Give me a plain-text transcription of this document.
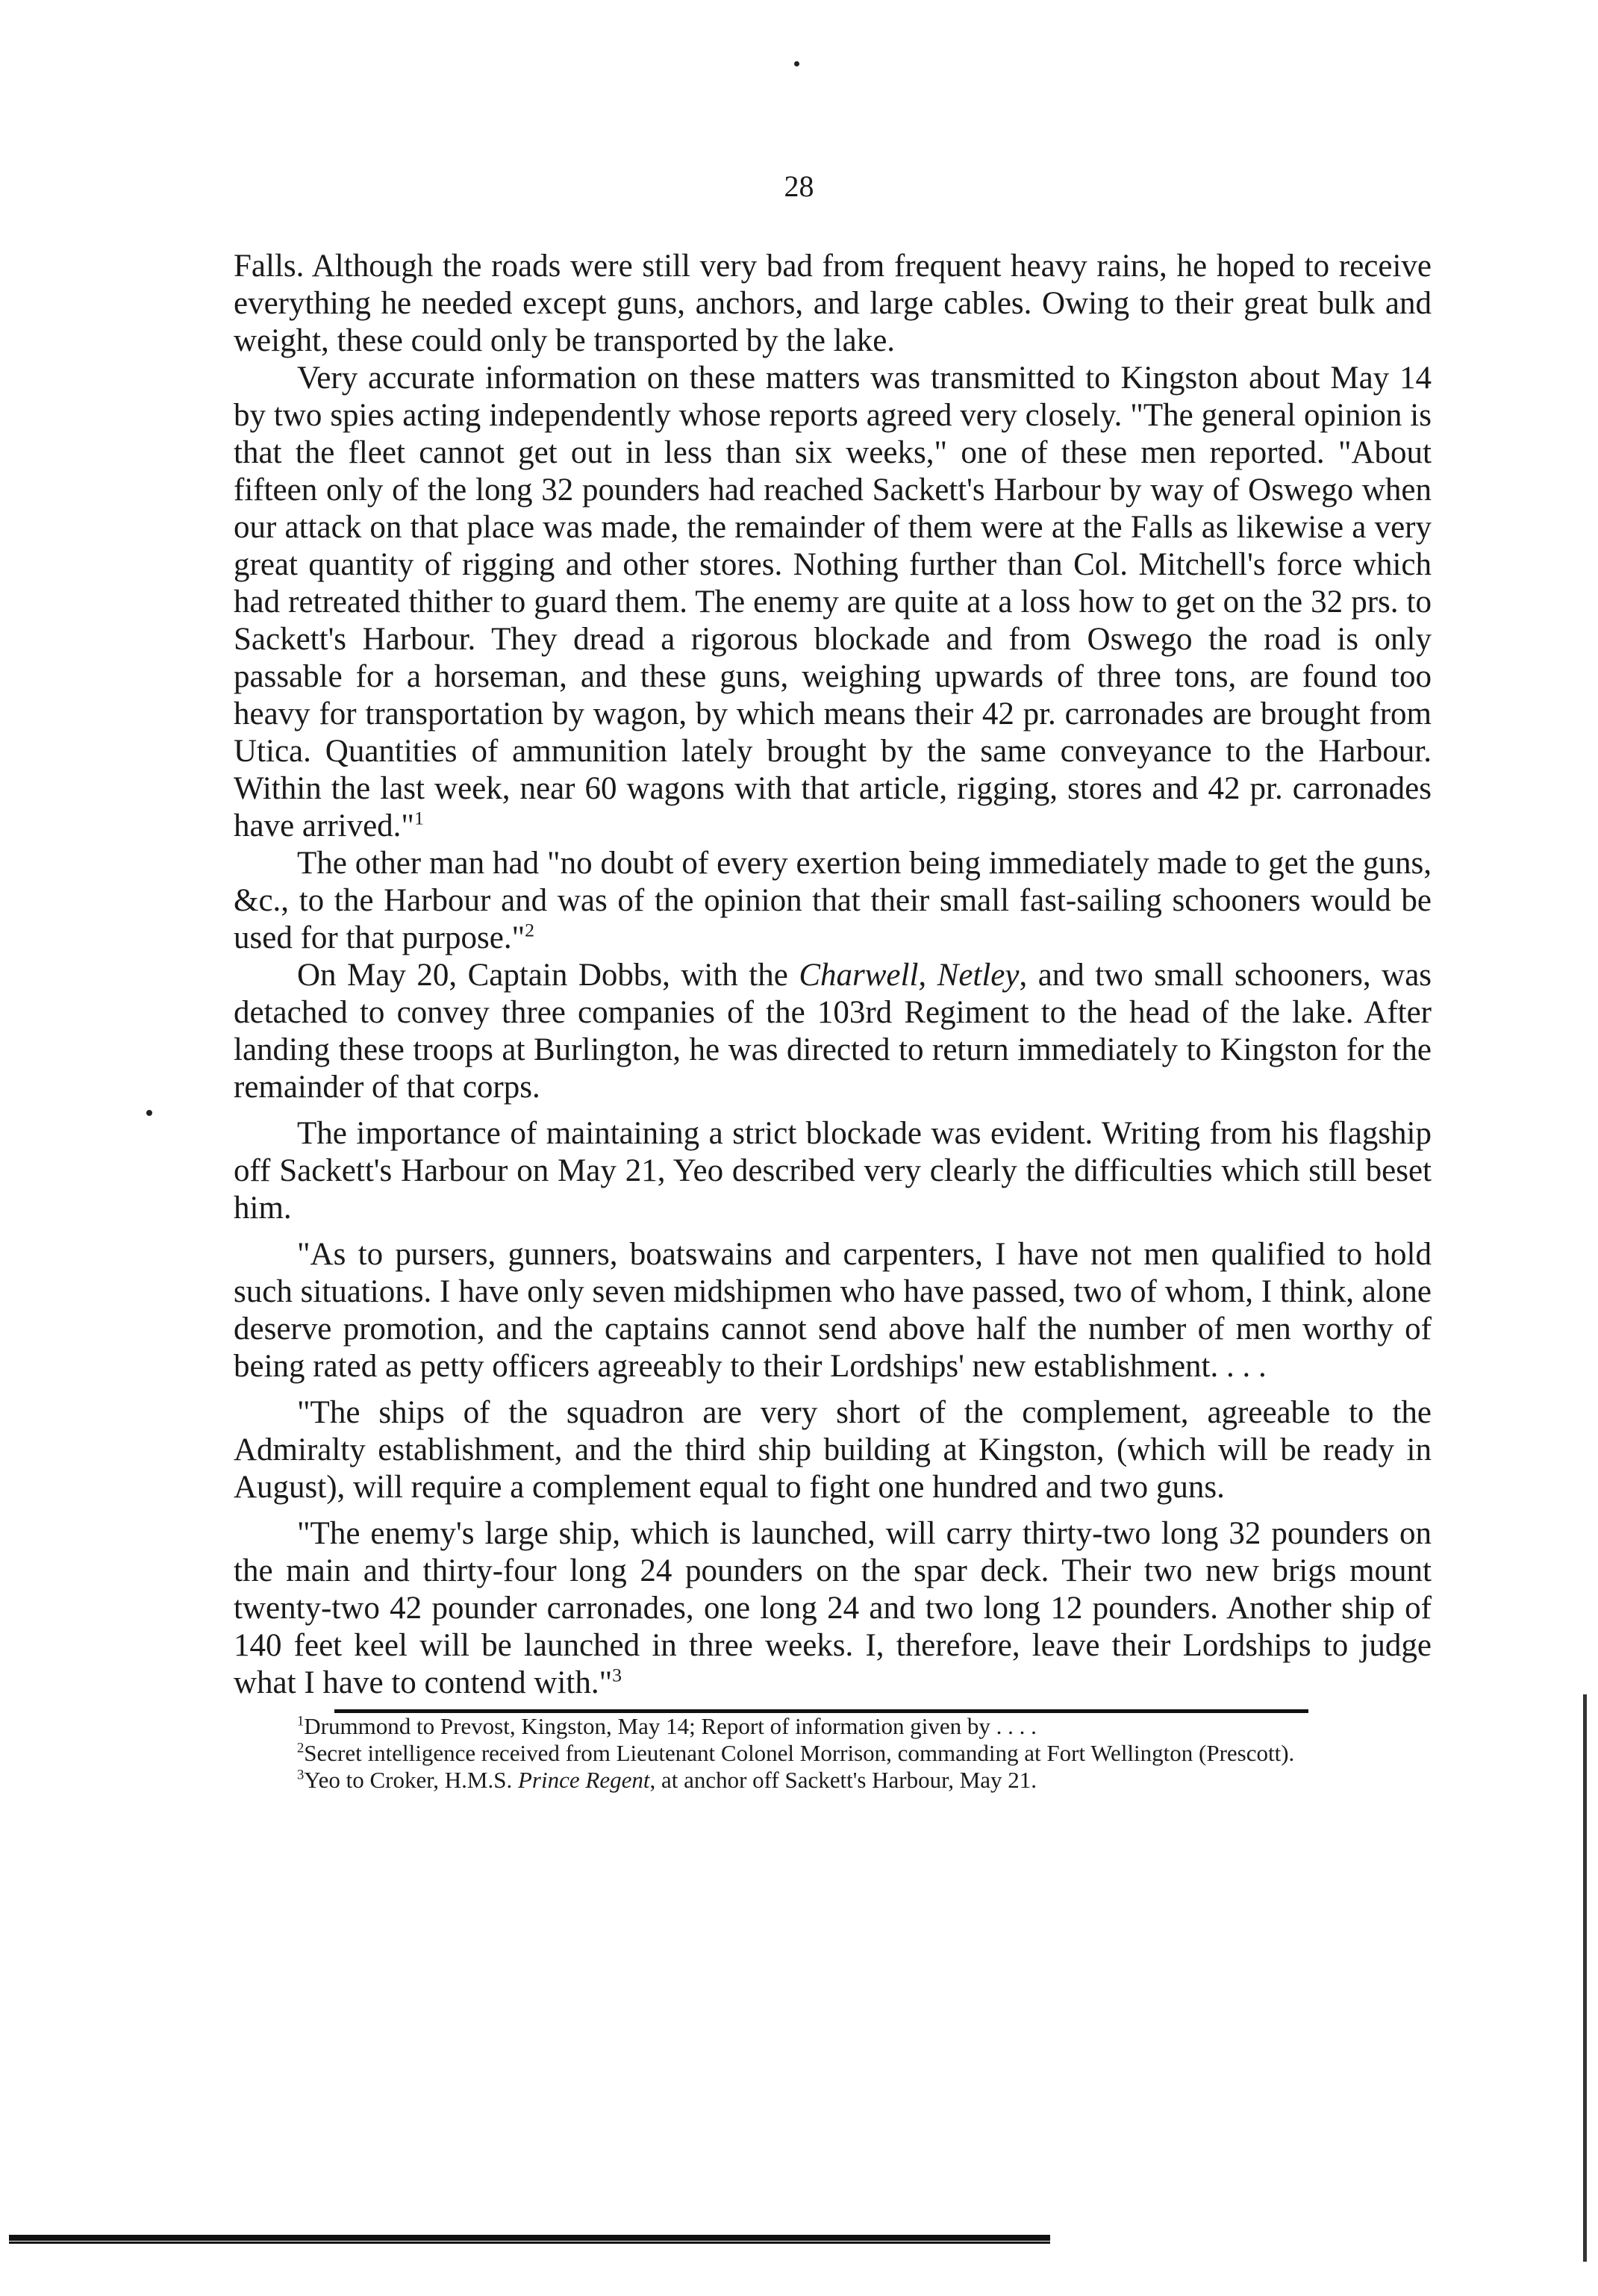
28

Falls. Although the roads were still very bad from frequent heavy rains, he hoped to receive everything he needed except guns, anchors, and large cables. Owing to their great bulk and weight, these could only be transported by the lake.

Very accurate information on these matters was transmitted to Kingston about May 14 by two spies acting independently whose reports agreed very closely. "The general opinion is that the fleet cannot get out in less than six weeks," one of these men reported. "About fifteen only of the long 32 pounders had reached Sackett's Harbour by way of Oswego when our attack on that place was made, the remainder of them were at the Falls as likewise a very great quantity of rigging and other stores. Nothing further than Col. Mitchell's force which had retreated thither to guard them. The enemy are quite at a loss how to get on the 32 prs. to Sackett's Harbour. They dread a rigorous blockade and from Oswego the road is only passable for a horseman, and these guns, weighing upwards of three tons, are found too heavy for transportation by wagon, by which means their 42 pr. carronades are brought from Utica. Quantities of ammunition lately brought by the same conveyance to the Harbour. Within the last week, near 60 wagons with that article, rigging, stores and 42 pr. carronades have arrived."$^1$

The other man had "no doubt of every exertion being immediately made to get the guns, &c., to the Harbour and was of the opinion that their small fast-sailing schooners would be used for that purpose."$^2$

On May 20, Captain Dobbs, with the Charwell, Netley, and two small schooners, was detached to convey three companies of the 103rd Regiment to the head of the lake. After landing these troops at Burlington, he was directed to return immediately to Kingston for the remainder of that corps.

The importance of maintaining a strict blockade was evident. Writing from his flagship off Sackett's Harbour on May 21, Yeo described very clearly the difficulties which still beset him.

"As to pursers, gunners, boatswains and carpenters, I have not men qualified to hold such situations. I have only seven midshipmen who have passed, two of whom, I think, alone deserve promotion, and the captains cannot send above half the number of men worthy of being rated as petty officers agreeably to their Lordships' new establishment. . . .

"The ships of the squadron are very short of the complement, agreeable to the Admiralty establishment, and the third ship building at Kingston, (which will be ready in August), will require a complement equal to fight one hundred and two guns.

"The enemy's large ship, which is launched, will carry thirty-two long 32 pounders on the main and thirty-four long 24 pounders on the spar deck. Their two new brigs mount twenty-two 42 pounder carronades, one long 24 and two long 12 pounders. Another ship of 140 feet keel will be launched in three weeks. I, therefore, leave their Lordships to judge what I have to contend with."$^3$

$^1$Drummond to Prevost, Kingston, May 14; Report of information given by . . . .

$^2$Secret intelligence received from Lieutenant Colonel Morrison, commanding at Fort Wellington (Prescott).

$^3$Yeo to Croker, H.M.S. Prince Regent, at anchor off Sackett's Harbour, May 21.
